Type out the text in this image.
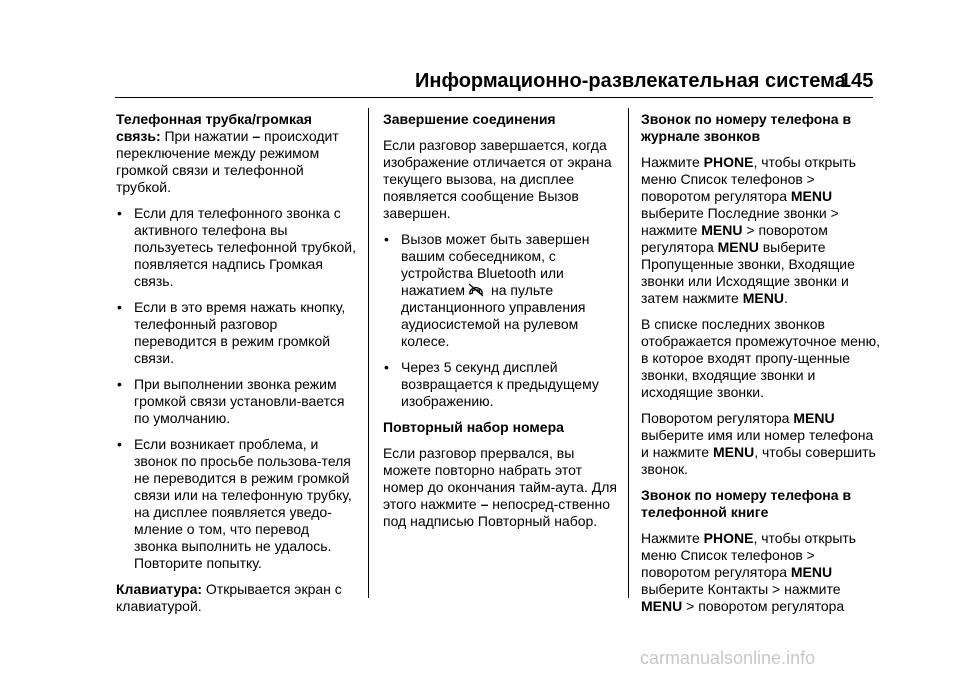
Информационно-развлекательная система
145

Телефонная трубка/громкая связь: При нажатии – происходит переключение между режимом громкой связи и телефонной трубкой.

• Если для телефонного звонка с активного телефона вы пользуетесь телефонной трубкой, появляется надпись Громкая связь.
• Если в это время нажать кнопку, телефонный разговор переводится в режим громкой связи.
• При выполнении звонка режим громкой связи установли-вается по умолчанию.
• Если возникает проблема, и звонок по просьбе пользова-теля не переводится в режим громкой связи или на телефонную трубку, на дисплее появляется уведо-мление о том, что перевод звонка выполнить не удалось. Повторите попытку.

Клавиатура: Открывается экран с клавиатурой.

Завершение соединения

Если разговор завершается, когда изображение отличается от экрана текущего вызова, на дисплее появляется сообщение Вызов завершен.

• Вызов может быть завершен вашим собеседником, с устройства Bluetooth или нажатием на пульте дистанционного управления аудиосистемой на рулевом колесе.
• Через 5 секунд дисплей возвращается к предыдущему изображению.
Повторный набор номера

Если разговор прервался, вы можете повторно набрать этот номер до окончания тайм-аута. Для этого нажмите – непосред-ственно под надписью Повторный набор.

Звонок по номеру телефона в журнале звонков

Нажмите PHONE, чтобы открыть меню Список телефонов > поворотом регулятора MENU выберите Последние звонки > нажмите MENU > поворотом регулятора MENU выберите Пропущенные звонки, Входящие звонки или Исходящие звонки и затем нажмите MENU.

В списке последних звонков отображается промежуточное меню, в которое входят пропу-щенные звонки, входящие звонки и исходящие звонки.

Поворотом регулятора MENU выберите имя или номер телефона и нажмите MENU, чтобы совершить звонок.

Звонок по номеру телефона в телефонной книге

Нажмите PHONE, чтобы открыть меню Список телефонов > поворотом регулятора MENU выберите Контакты > нажмите MENU > поворотом регулятора

carmanualsonline.info
